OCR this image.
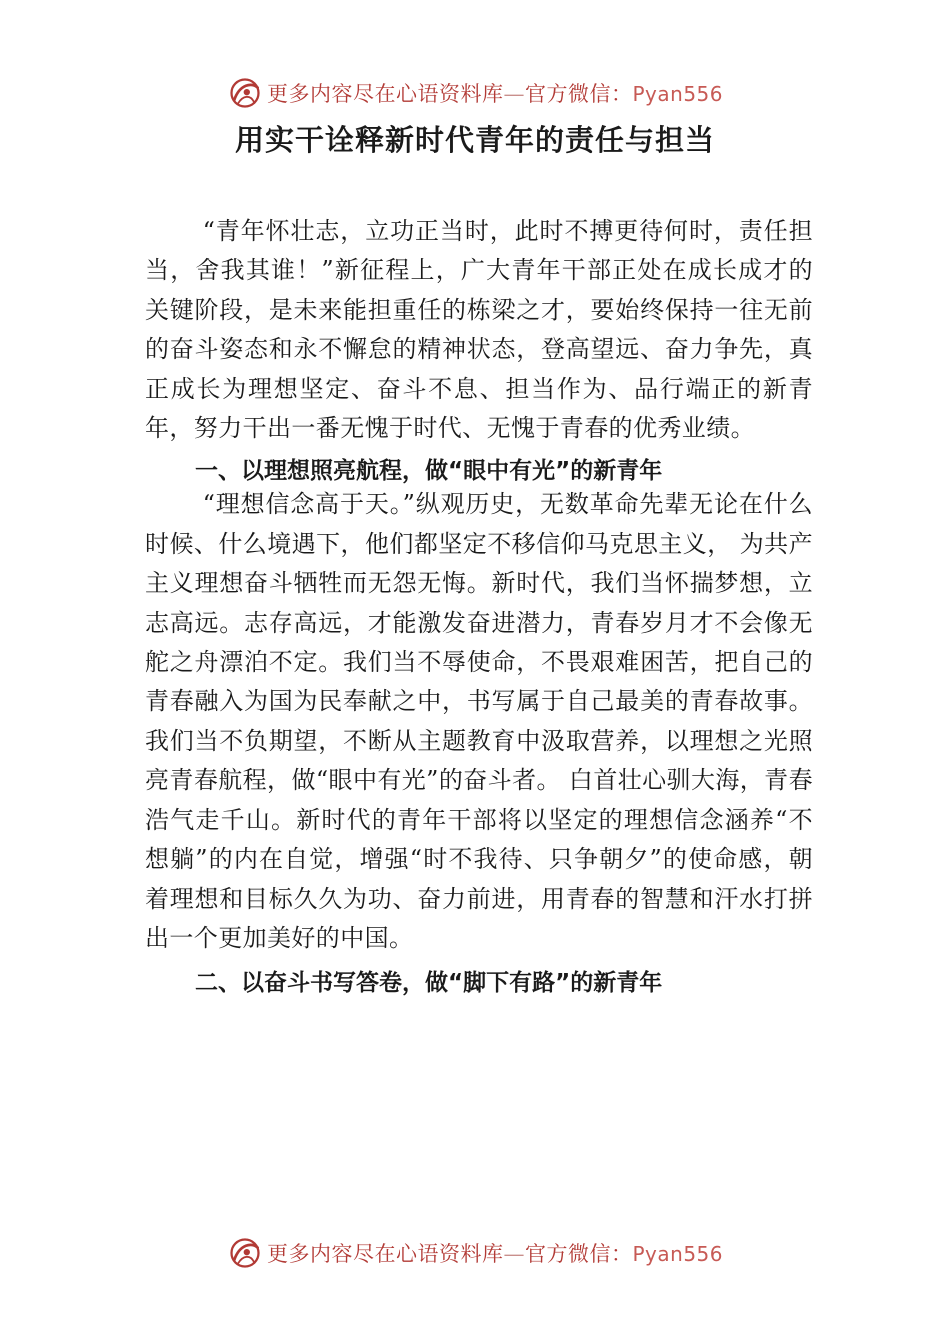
更多内容尽在心语资料库—官方微信：Pyan556
用实干诠释新时代青年的责任与担当

“青年怀壮志，立功正当时，此时不搏更待何时，责任担当，舍我其谁！”新征程上，广大青年干部正处在成长成才的关键阶段，是未来能担重任的栋梁之才，要始终保持一往无前的奋斗姿态和永不懈怠的精神状态，登高望远、奋力争先，真正成长为理想坚定、奋斗不息、担当作为、品行端正的新青年，努力干出一番无愧于时代、无愧于青春的优秀业绩。

一、以理想照亮航程，做“眼中有光”的新青年

“理想信念高于天。”纵观历史，无数革命先辈无论在什么时候、什么境遇下，他们都坚定不移信仰马克思主义， 为共产主义理想奋斗牺牲而无怨无悔。新时代，我们当怀揣梦想，立志高远。志存高远，才能激发奋进潜力，青春岁月才不会像无舵之舟漂泊不定。我们当不辱使命，不畏艰难困苦，把自己的青春融入为国为民奉献之中，书写属于自己最美的青春故事。我们当不负期望，不断从主题教育中汲取营养，以理想之光照亮青春航程，做“眼中有光”的奋斗者。 白首壮心驯大海，青春浩气走千山。新时代的青年干部将以坚定的理想信念涵养“不想躺”的内在自觉，增强“时不我待、只争朝夕”的使命感，朝着理想和目标久久为功、奋力前进，用青春的智慧和汗水打拼出一个更加美好的中国。

二、以奋斗书写答卷，做“脚下有路”的新青年
更多内容尽在心语资料库—官方微信：Pyan556
